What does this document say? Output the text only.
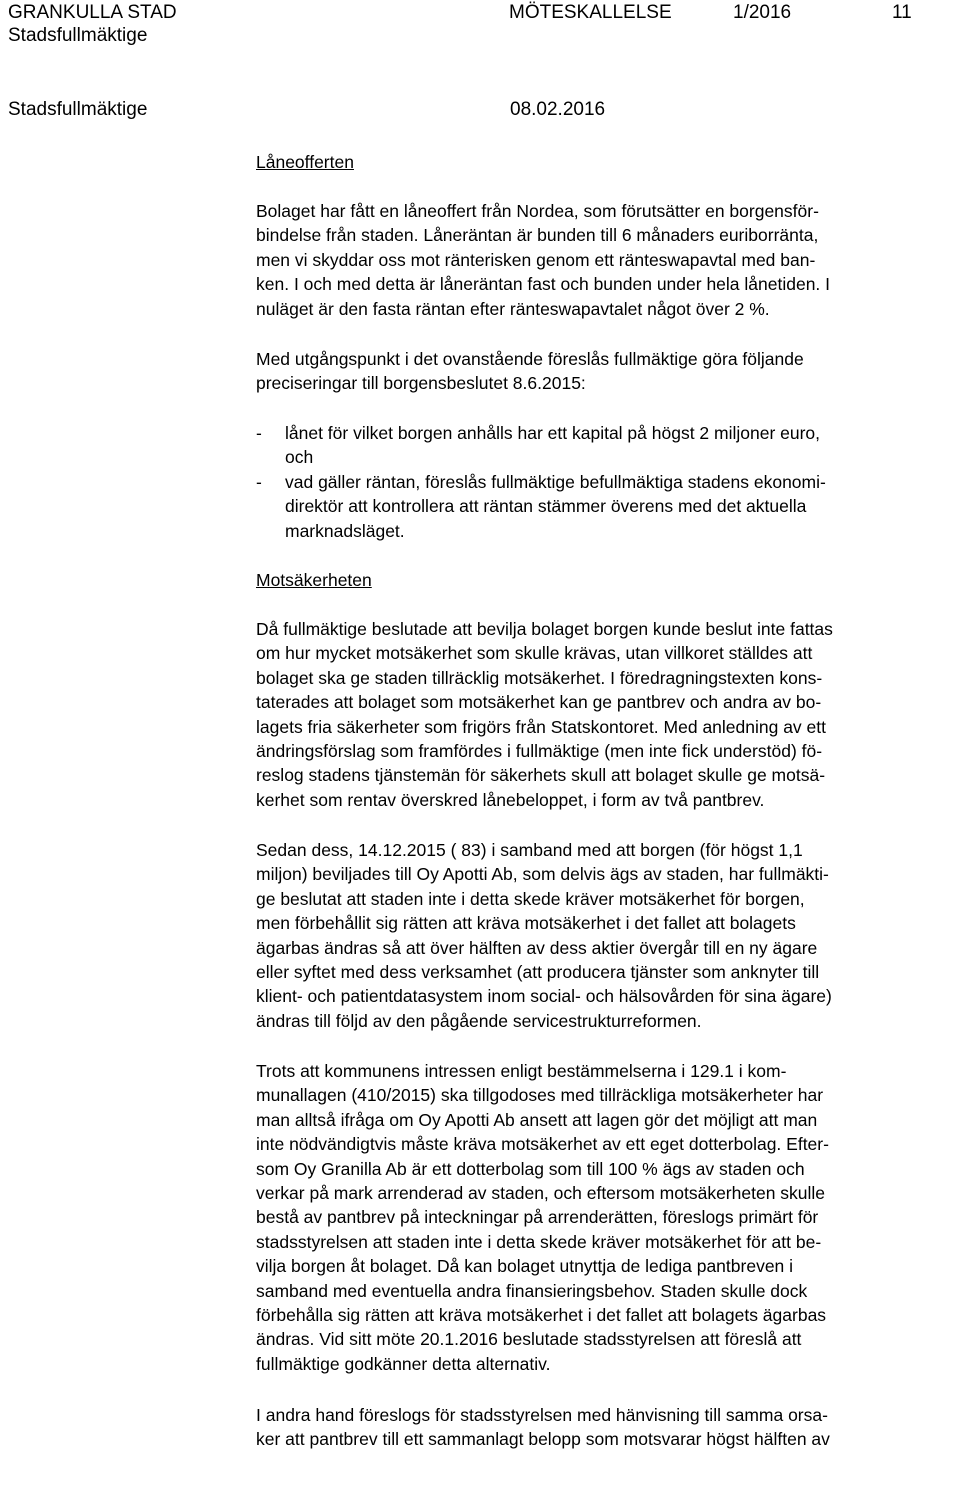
GRANKULLA STAD	MÖTESKALLELSE	1/2016	11
Stadsfullmäktige
Stadsfullmäktige	08.02.2016
Låneofferten

Bolaget har fått en låneoffert från Nordea, som förutsätter en borgensför-

bindelse från staden. Låneräntan är bunden till 6 månaders euriborränta,

men vi skyddar oss mot ränterisken genom ett ränteswapavtal med ban-

ken. I och med detta är låneräntan fast och bunden under hela lånetiden. I

nuläget är den fasta räntan efter ränteswapavtalet något över 2 %.

Med utgångspunkt i det ovanstående föreslås fullmäktige göra följande

preciseringar till borgensbeslutet 8.6.2015:

- lånet för vilket borgen anhålls har ett kapital på högst 2 miljoner euro,

och

- vad gäller räntan, föreslås fullmäktige befullmäktiga stadens ekonomi-

direktör att kontrollera att räntan stämmer överens med det aktuella

marknadsläget.

Motsäkerheten

Då fullmäktige beslutade att bevilja bolaget borgen kunde beslut inte fattas

om hur mycket motsäkerhet som skulle krävas, utan villkoret ställdes att

bolaget ska ge staden tillräcklig motsäkerhet. I föredragningstexten kons-

taterades att bolaget som motsäkerhet kan ge pantbrev och andra av bo-

lagets fria säkerheter som frigörs från Statskontoret. Med anledning av ett

ändringsförslag som framfördes i fullmäktige (men inte fick understöd) fö-

reslog stadens tjänstemän för säkerhets skull att bolaget skulle ge motsä-

kerhet som rentav överskred lånebeloppet, i form av två pantbrev.

Sedan dess, 14.12.2015 ( 83) i samband med att borgen (för högst 1,1

miljon) beviljades till Oy Apotti Ab, som delvis ägs av staden, har fullmäkti-

ge beslutat att staden inte i detta skede kräver motsäkerhet för borgen,

men förbehållit sig rätten att kräva motsäkerhet i det fallet att bolagets

ägarbas ändras så att över hälften av dess aktier övergår till en ny ägare

eller syftet med dess verksamhet (att producera tjänster som anknyter till

klient- och patientdatasystem inom social- och hälsovården för sina ägare)

ändras till följd av den pågående servicestrukturreformen.

Trots att kommunens intressen enligt bestämmelserna i 129.1 i kom-

munallagen (410/2015) ska tillgodoses med tillräckliga motsäkerheter har

man alltså ifråga om Oy Apotti Ab ansett att lagen gör det möjligt att man

inte nödvändigtvis måste kräva motsäkerhet av ett eget dotterbolag. Efter-

som Oy Granilla Ab är ett dotterbolag som till 100 % ägs av staden och

verkar på mark arrenderad av staden, och eftersom motsäkerheten skulle

bestå av pantbrev på inteckningar på arrenderätten, föreslogs primärt för

stadsstyrelsen att staden inte i detta skede kräver motsäkerhet för att be-

vilja borgen åt bolaget. Då kan bolaget utnyttja de lediga pantbreven i

samband med eventuella andra finansieringsbehov. Staden skulle dock

förbehålla sig rätten att kräva motsäkerhet i det fallet att bolagets ägarbas

ändras. Vid sitt möte 20.1.2016 beslutade stadsstyrelsen att föreslå att

fullmäktige godkänner detta alternativ.

I andra hand föreslogs för stadsstyrelsen med hänvisning till samma orsa-

ker att pantbrev till ett sammanlagt belopp som motsvarar högst hälften av
